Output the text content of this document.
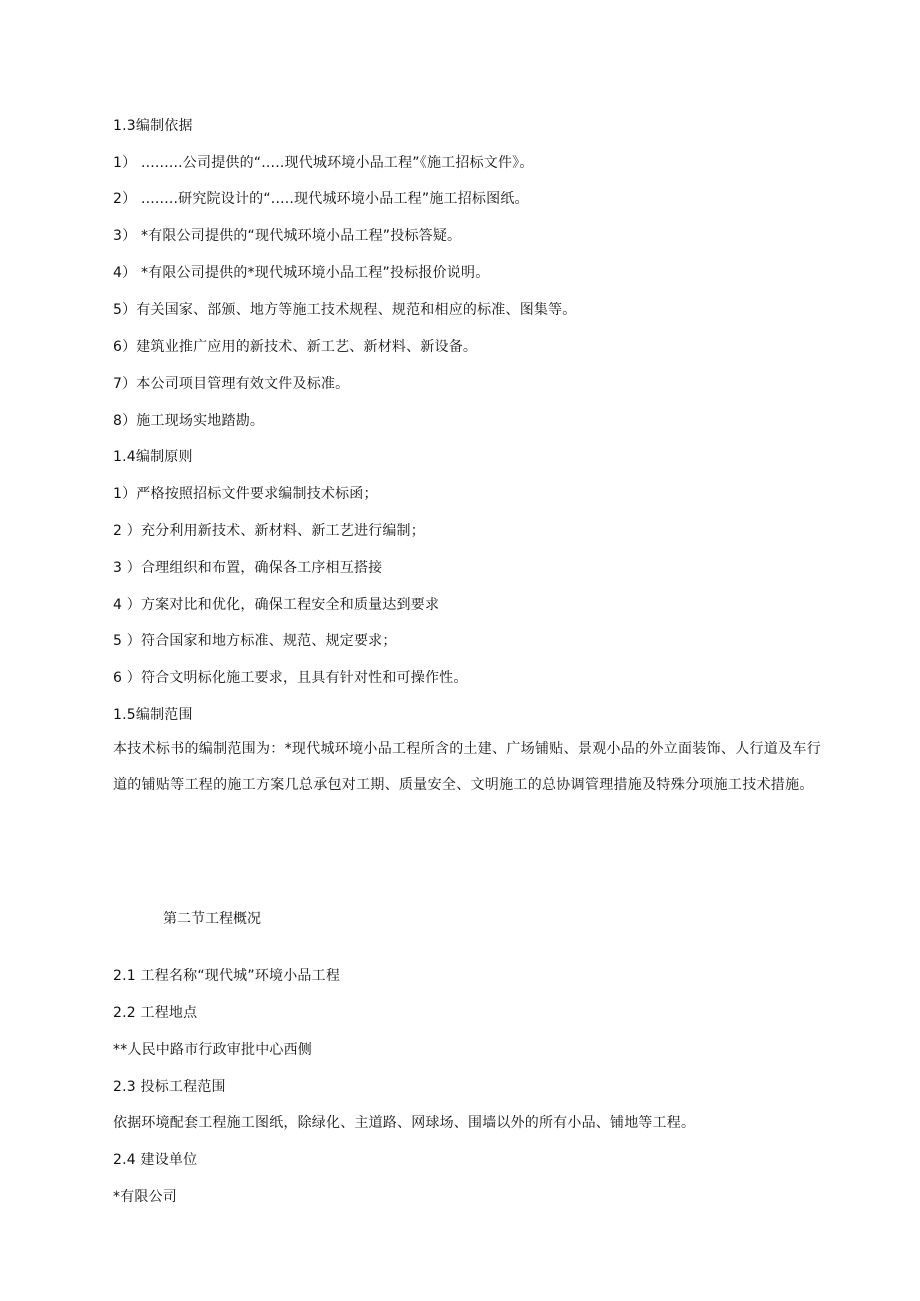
1.3编制依据
1） .........公司提供的“.....现代城环境小品工程”《施工招标文件》。
2） ........研究院设计的“.....现代城环境小品工程”施工招标图纸。
3） *有限公司提供的“现代城环境小品工程”投标答疑。
4） *有限公司提供的*现代城环境小品工程”投标报价说明。
5）有关国家、部颁、地方等施工技术规程、规范和相应的标准、图集等。
6）建筑业推广应用的新技术、新工艺、新材料、新设备。
7）本公司项目管理有效文件及标准。
8）施工现场实地踏勘。
1.4编制原则
1）严格按照招标文件要求编制技术标函；
2 ）充分利用新技术、新材料、新工艺进行编制；
3 ）合理组织和布置，确保各工序相互搭接
4 ）方案对比和优化，确保工程安全和质量达到要求
5 ）符合国家和地方标准、规范、规定要求；
6 ）符合文明标化施工要求，且具有针对性和可操作性。
1.5编制范围
本技术标书的编制范围为：*现代城环境小品工程所含的土建、广场铺贴、景观小品的外立面装饰、人行道及车行道的铺贴等工程的施工方案几总承包对工期、质量安全、文明施工的总协调管理措施及特殊分项施工技术措施。
第二节工程概况
2.1 工程名称“现代城”环境小品工程
2.2 工程地点
**人民中路市行政审批中心西侧
2.3 投标工程范围
依据环境配套工程施工图纸，除绿化、主道路、网球场、围墙以外的所有小品、铺地等工程。
2.4 建设单位
*有限公司
